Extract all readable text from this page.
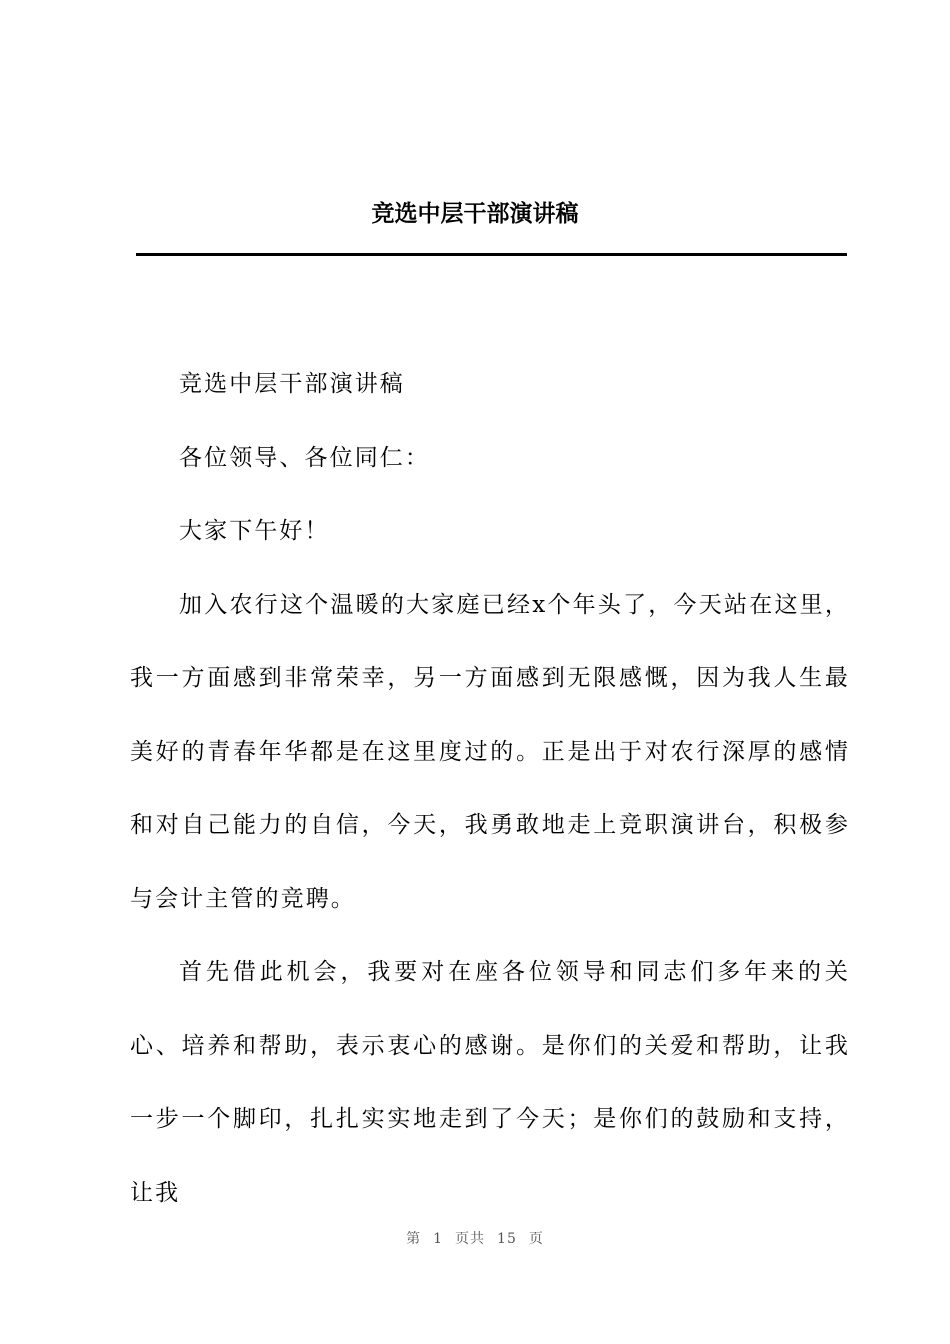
竞选中层干部演讲稿

竞选中层干部演讲稿

各位领导、各位同仁：

大家下午好！

加入农行这个温暖的大家庭已经x个年头了，今天站在这里，我一方面感到非常荣幸，另一方面感到无限感慨，因为我人生最美好的青春年华都是在这里度过的。正是出于对农行深厚的感情和对自己能力的自信，今天，我勇敢地走上竞职演讲台，积极参与会计主管的竞聘。

首先借此机会，我要对在座各位领导和同志们多年来的关心、培养和帮助，表示衷心的感谢。是你们的关爱和帮助，让我一步一个脚印，扎扎实实地走到了今天；是你们的鼓励和支持，让我

第 1 页共 15 页
